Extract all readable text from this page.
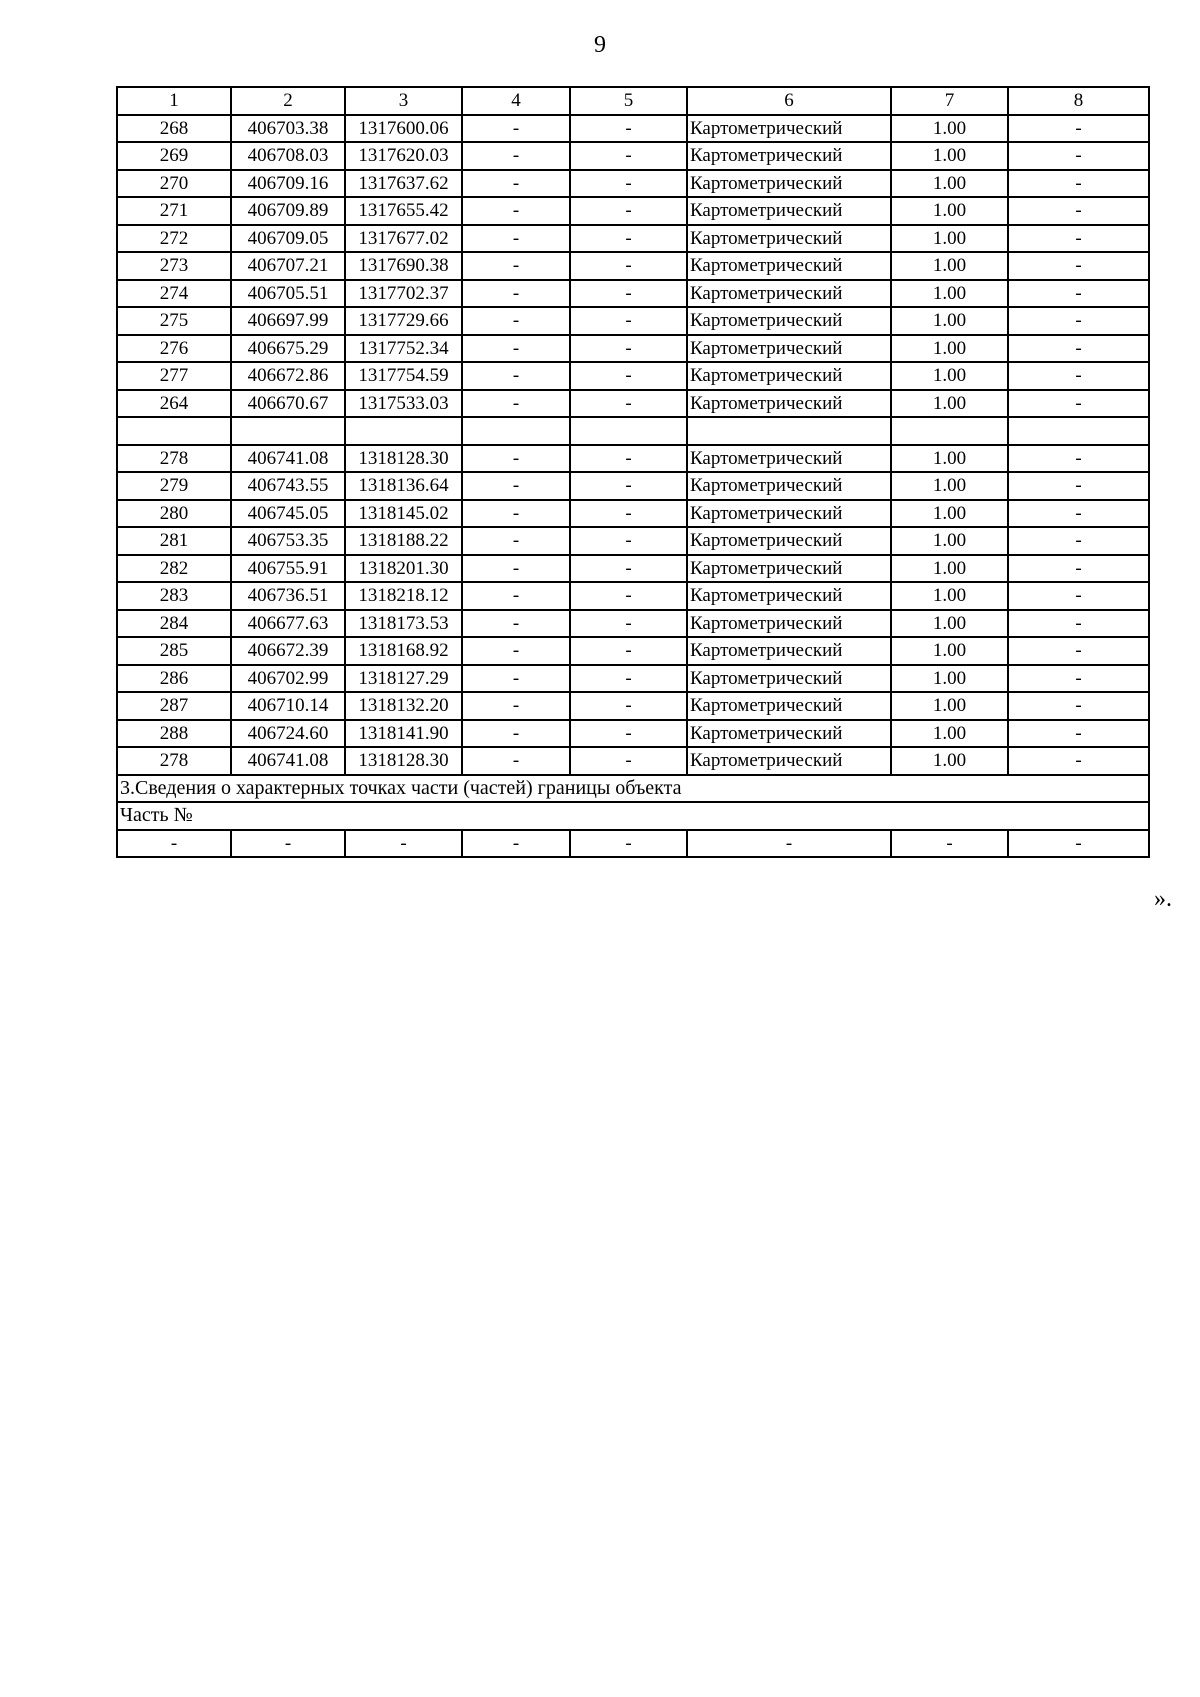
9
1	2	3	4	5	6	7	8
268	406703.38	1317600.06	-	-	Картометрический	1.00	-
269	406708.03	1317620.03	-	-	Картометрический	1.00	-
270	406709.16	1317637.62	-	-	Картометрический	1.00	-
271	406709.89	1317655.42	-	-	Картометрический	1.00	-
272	406709.05	1317677.02	-	-	Картометрический	1.00	-
273	406707.21	1317690.38	-	-	Картометрический	1.00	-
274	406705.51	1317702.37	-	-	Картометрический	1.00	-
275	406697.99	1317729.66	-	-	Картометрический	1.00	-
276	406675.29	1317752.34	-	-	Картометрический	1.00	-
277	406672.86	1317754.59	-	-	Картометрический	1.00	-
264	406670.67	1317533.03	-	-	Картометрический	1.00	-

278	406741.08	1318128.30	-	-	Картометрический	1.00	-
279	406743.55	1318136.64	-	-	Картометрический	1.00	-
280	406745.05	1318145.02	-	-	Картометрический	1.00	-
281	406753.35	1318188.22	-	-	Картометрический	1.00	-
282	406755.91	1318201.30	-	-	Картометрический	1.00	-
283	406736.51	1318218.12	-	-	Картометрический	1.00	-
284	406677.63	1318173.53	-	-	Картометрический	1.00	-
285	406672.39	1318168.92	-	-	Картометрический	1.00	-
286	406702.99	1318127.29	-	-	Картометрический	1.00	-
287	406710.14	1318132.20	-	-	Картометрический	1.00	-
288	406724.60	1318141.90	-	-	Картометрический	1.00	-
278	406741.08	1318128.30	-	-	Картометрический	1.00	-
3.Сведения о характерных точках части (частей) границы объекта							
Часть №							
-	-	-	-	-	-	-	-
».
